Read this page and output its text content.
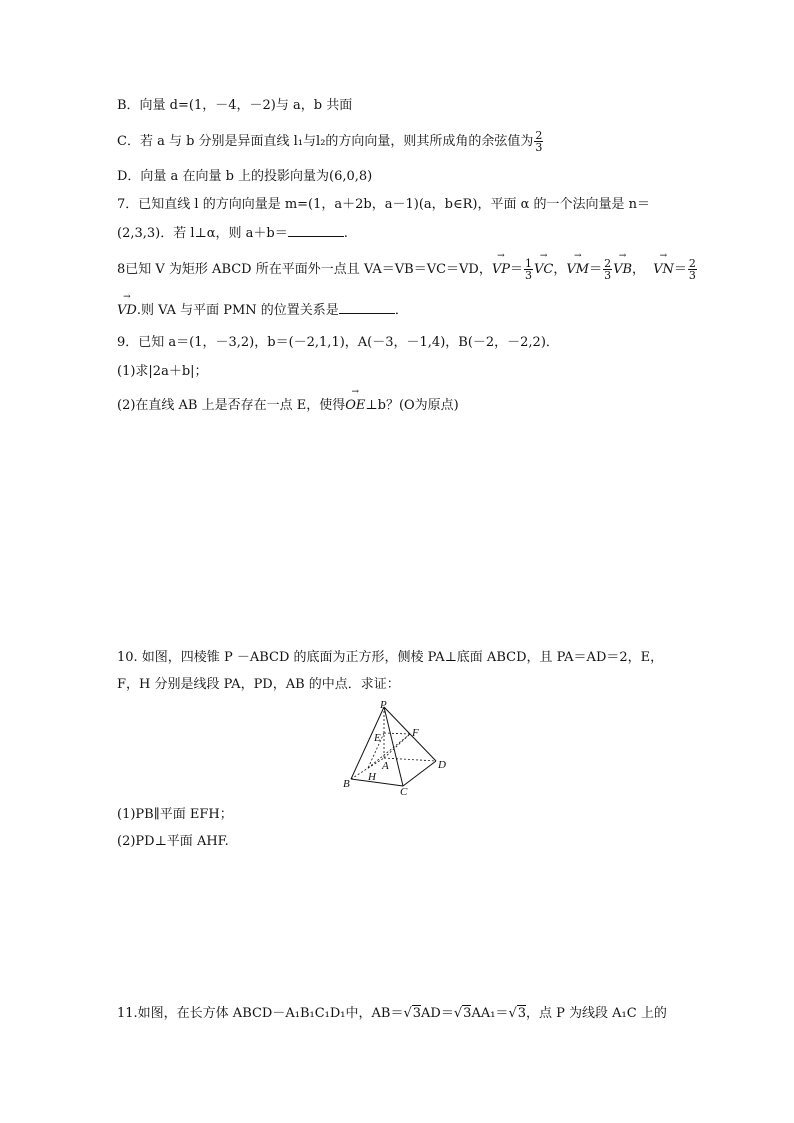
B．向量 d=(1，－4，－2)与 a，b 共面
C．若 a 与 b 分别是异面直线 l₁与l₂的方向向量，则其所成角的余弦值为 $\frac{2}{3}$
D．向量 a 在向量 b 上的投影向量为(6,0,8)
7．已知直线 l 的方向向量是 m=(1，a＋2b，a－1)(a，b∈R)，平面 α 的一个法向量是 n＝
(2,3,3)．若 l⊥α，则 a＋b＝	.
8已知 V 为矩形 ABCD 所在平面外一点且 VA＝VB＝VC＝VD，→ $VP= \frac{1}{3}$ → VC，→ $VM= \frac{2}{3}$ → VB， → $VN= \frac{2}{3}$
→ VD.则 VA 与平面 PMN 的位置关系是	．
9．已知 a＝(1，－3,2)，b＝(－2,1,1)，A(－3，－1,4)，B(－2，－2,2)．
(1)求|2a＋b|；
(2)在直线 AB 上是否存在一点 E，使得→ OE⊥b？(O为原点)
10. 如图，四棱锥 P －ABCD 的底面为正方形，侧棱 PA⊥底面 ABCD，且 PA＝AD＝2，E，
F，H 分别是线段 PA，PD，AB 的中点．求证：
P
E	F
A	D
H
B
C
(1)PB∥平面 EFH；
(2)PD⊥平面 AHF.
11.如图，在长方体 ABCD－A₁B₁C₁D₁中，AB＝√3AD＝√3AA₁＝√3，点 P 为线段 A₁C 上的
